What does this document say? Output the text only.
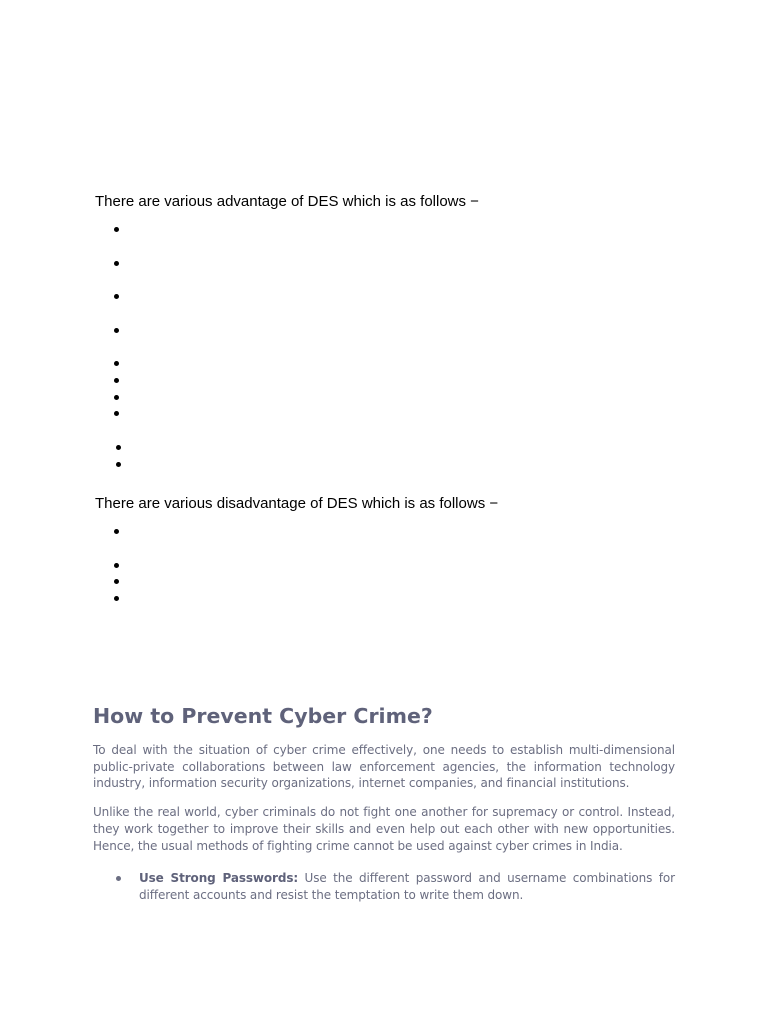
There are various advantage of DES which is as follows −

There are various disadvantage of DES which is as follows −

How to Prevent Cyber Crime?

To deal with the situation of cyber crime effectively, one needs to establish multi-dimensional public-private collaborations between law enforcement agencies, the information technology industry, information security organizations, internet companies, and financial institutions.

Unlike the real world, cyber criminals do not fight one another for supremacy or control. Instead, they work together to improve their skills and even help out each other with new opportunities. Hence, the usual methods of fighting crime cannot be used against cyber crimes in India.

Use Strong Passwords: Use the different password and username combinations for different accounts and resist the temptation to write them down.
